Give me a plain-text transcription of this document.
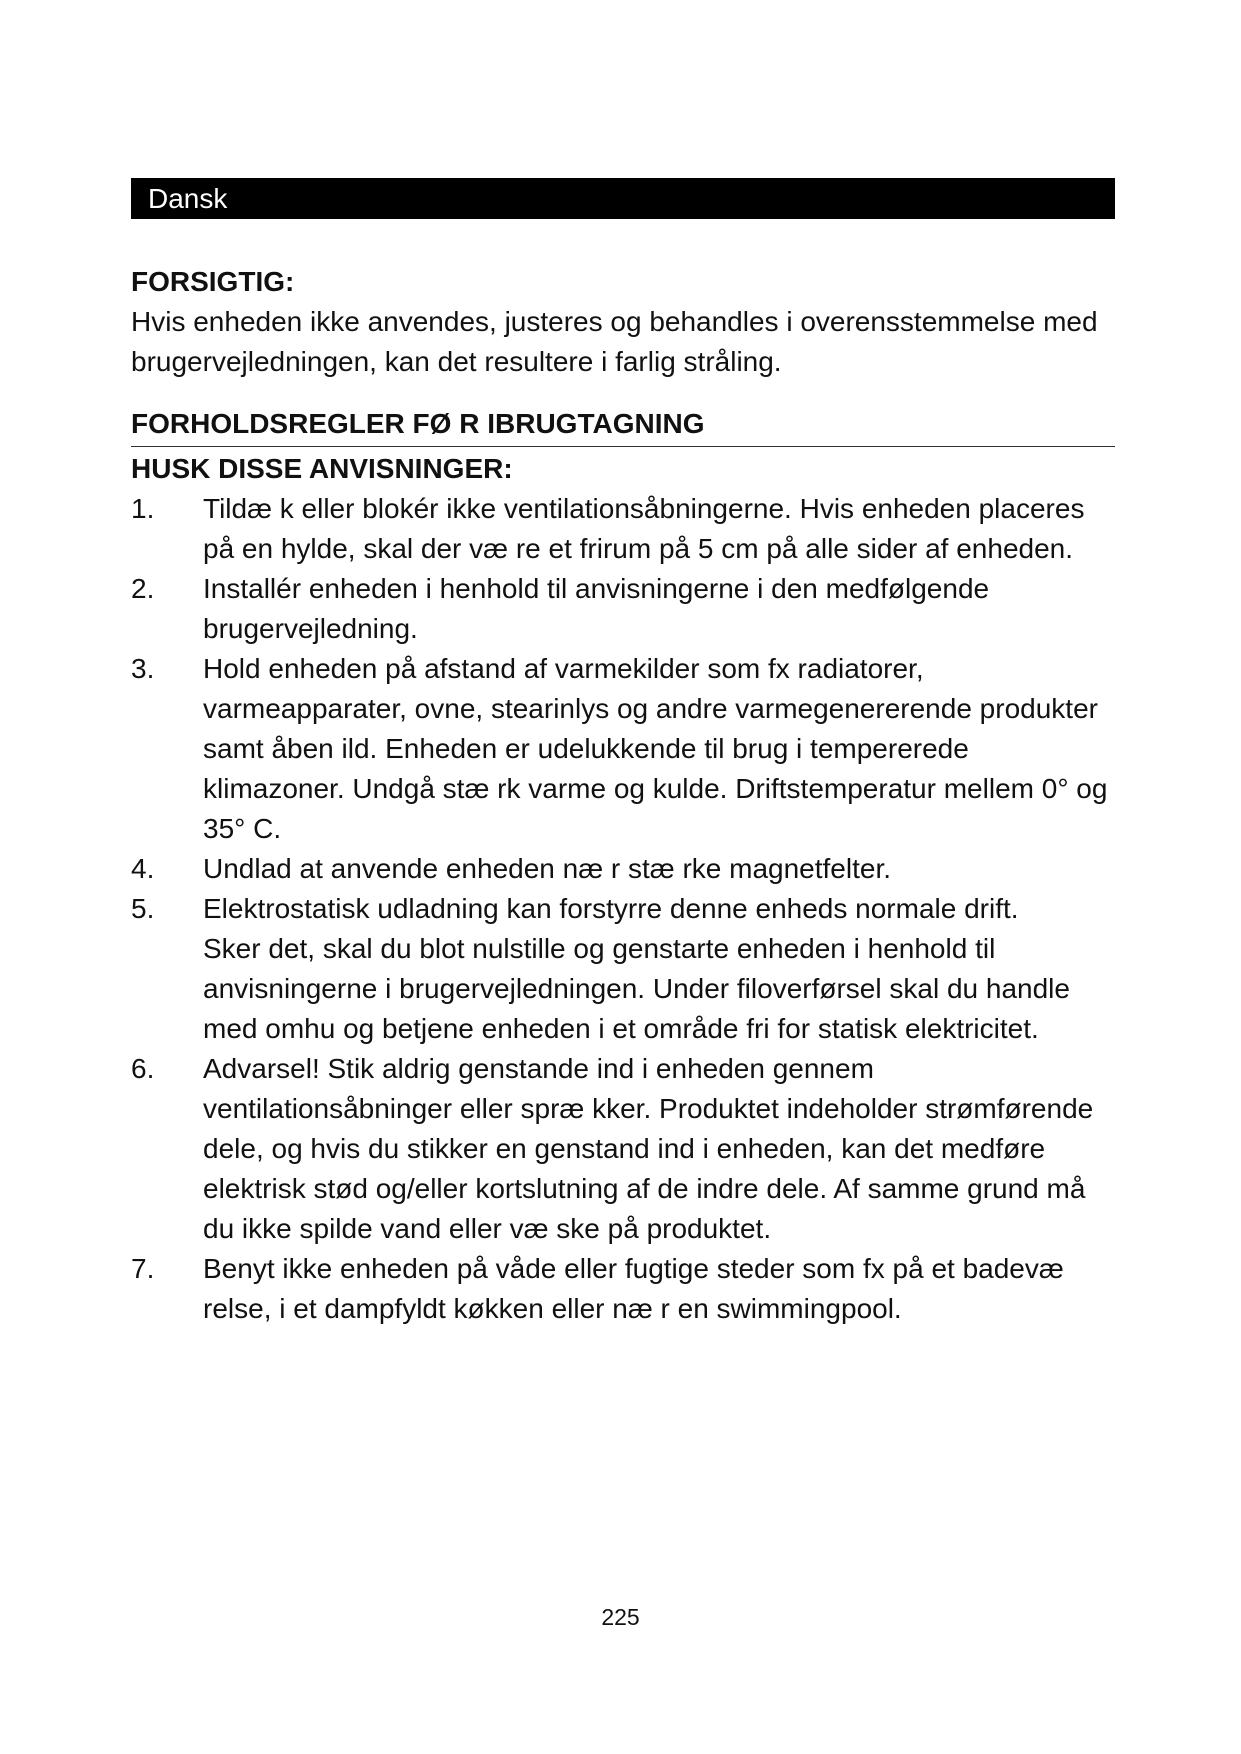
Dansk

FORSIGTIG:

Hvis enheden ikke anvendes, justeres og behandles i overensstemmelse med brugervejledningen, kan det resultere i farlig stråling.

FORHOLDSREGLER FØ R IBRUGTAGNING
HUSK DISSE ANVISNINGER:
1. Tildæ k eller blokér ikke ventilationsåbningerne. Hvis enheden placeres på en hylde, skal der væ re et frirum på 5 cm på alle sider af enheden.
2. Installér enheden i henhold til anvisningerne i den medfølgende brugervejledning.
3. Hold enheden på afstand af varmekilder som fx radiatorer, varmeapparater, ovne, stearinlys og andre varmegenererende produkter samt åben ild. Enheden er udelukkende til brug i tempererede klimazoner. Undgå stæ rk varme og kulde. Driftstemperatur mellem 0° og 35° C.
4. Undlad at anvende enheden næ r stæ rke magnetfelter.
5. Elektrostatisk udladning kan forstyrre denne enheds normale drift.
Sker det, skal du blot nulstille og genstarte enheden i henhold til anvisningerne i brugervejledningen. Under filoverførsel skal du handle med omhu og betjene enheden i et område fri for statisk elektricitet.
6. Advarsel! Stik aldrig genstande ind i enheden gennem ventilationsåbninger eller spræ kker. Produktet indeholder strømførende dele, og hvis du stikker en genstand ind i enheden, kan det medføre elektrisk stød og/eller kortslutning af de indre dele. Af samme grund må du ikke spilde vand eller væ ske på produktet.
7. Benyt ikke enheden på våde eller fugtige steder som fx på et badevæ relse, i et dampfyldt køkken eller næ r en swimmingpool.
225
